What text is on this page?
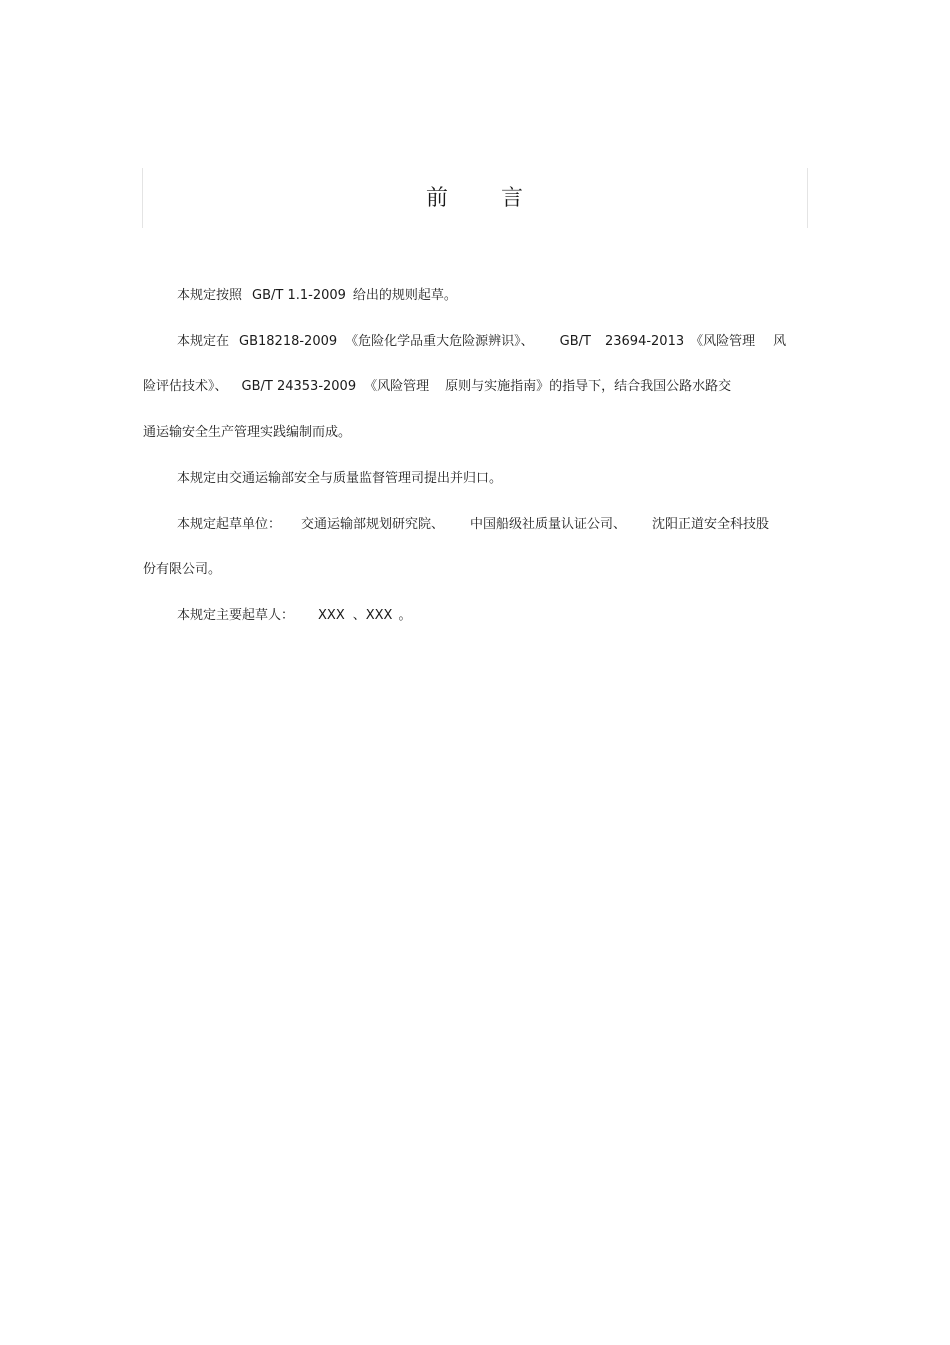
前 言
本规定按照 GB/T 1.1-2009 给出的规则起草。
本规定在 GB18218-2009 《危险化学品重大危险源辨识》、 GB/T 23694-2013 《风险管理 风
险评估技术》、 GB/T 24353-2009 《风险管理 原则与实施指南》的指导下，结合我国公路水路交
通运输安全生产管理实践编制而成。
本规定由交通运输部安全与质量监督管理司提出并归口。
本规定起草单位： 交通运输部规划研究院、 中国船级社质量认证公司、 沈阳正道安全科技股
份有限公司。
本规定主要起草人： XXX 、XXX 。
